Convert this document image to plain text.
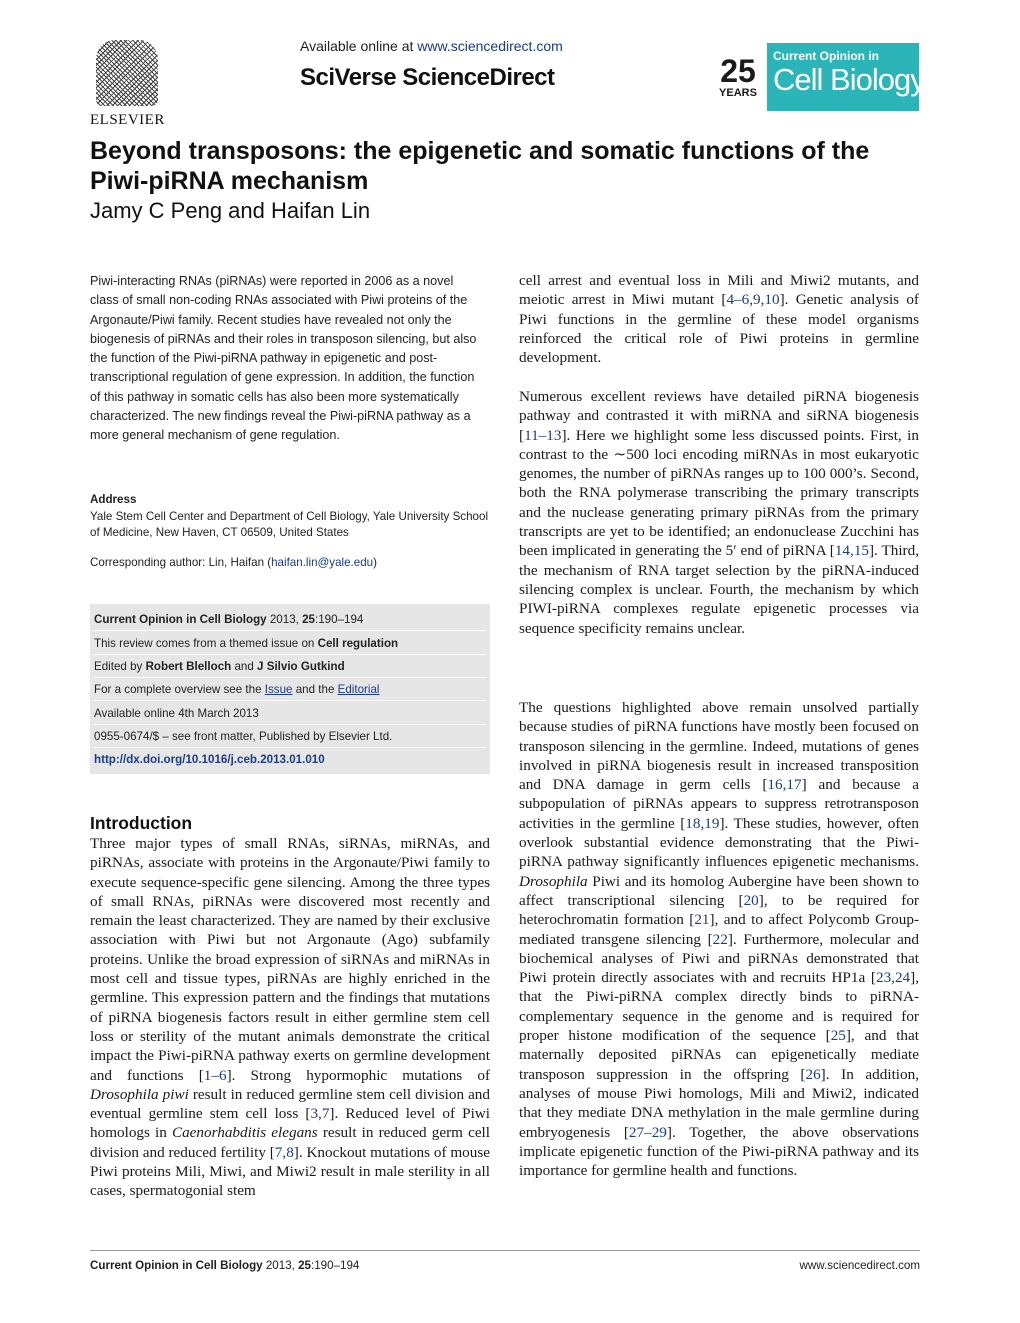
ELSEVIER
Available online at www.sciencedirect.com
SciVerse ScienceDirect	25
YEARS
Current Opinion in
Cell Biology
Beyond transposons: the epigenetic and somatic functions of the Piwi-piRNA mechanism
Jamy C Peng and Haifan Lin

Piwi-interacting RNAs (piRNAs) were reported in 2006 as a novel class of small non-coding RNAs associated with Piwi proteins of the Argonaute/Piwi family. Recent studies have revealed not only the biogenesis of piRNAs and their roles in transposon silencing, but also the function of the Piwi-piRNA pathway in epigenetic and post-transcriptional regulation of gene expression. In addition, the function of this pathway in somatic cells has also been more systematically characterized. The new findings reveal the Piwi-piRNA pathway as a more general mechanism of gene regulation.

Address
Yale Stem Cell Center and Department of Cell Biology, Yale University School of Medicine, New Haven, CT 06509, United States
Corresponding author: Lin, Haifan (haifan.lin@yale.edu)
Current Opinion in Cell Biology 2013, 25:190–194
This review comes from a themed issue on Cell regulation
Edited by Robert Blelloch and J Silvio Gutkind
For a complete overview see the Issue and the Editorial
Available online 4th March 2013
0955-0674/$ – see front matter, Published by Elsevier Ltd.
http://dx.doi.org/10.1016/j.ceb.2013.01.010
Introduction

Three major types of small RNAs, siRNAs, miRNAs, and piRNAs, associate with proteins in the Argonaute/Piwi family to execute sequence-specific gene silencing. Among the three types of small RNAs, piRNAs were discovered most recently and remain the least characterized. They are named by their exclusive association with Piwi but not Argonaute (Ago) subfamily proteins. Unlike the broad expression of siRNAs and miRNAs in most cell and tissue types, piRNAs are highly enriched in the germline. This expression pattern and the findings that mutations of piRNA biogenesis factors result in either germline stem cell loss or sterility of the mutant animals demonstrate the critical impact the Piwi-piRNA pathway exerts on germline development and functions [1–6]. Strong hypormophic mutations of Drosophila piwi result in reduced germline stem cell division and eventual germline stem cell loss [3,7]. Reduced level of Piwi homologs in Caenorhabditis elegans result in reduced germ cell division and reduced fertility [7,8]. Knockout mutations of mouse Piwi proteins Mili, Miwi, and Miwi2 result in male sterility in all cases, spermatogonial stem

cell arrest and eventual loss in Mili and Miwi2 mutants, and meiotic arrest in Miwi mutant [4–6,9,10]. Genetic analysis of Piwi functions in the germline of these model organisms reinforced the critical role of Piwi proteins in germline development.

Numerous excellent reviews have detailed piRNA biogenesis pathway and contrasted it with miRNA and siRNA biogenesis [11–13]. Here we highlight some less discussed points. First, in contrast to the ∼500 loci encoding miRNAs in most eukaryotic genomes, the number of piRNAs ranges up to 100 000’s. Second, both the RNA polymerase transcribing the primary transcripts and the nuclease generating primary piRNAs from the primary transcripts are yet to be identified; an endonuclease Zucchini has been implicated in generating the 5′ end of piRNA [14,15]. Third, the mechanism of RNA target selection by the piRNA-induced silencing complex is unclear. Fourth, the mechanism by which PIWI-piRNA complexes regulate epigenetic processes via sequence specificity remains unclear.

The questions highlighted above remain unsolved partially because studies of piRNA functions have mostly been focused on transposon silencing in the germline. Indeed, mutations of genes involved in piRNA biogenesis result in increased transposition and DNA damage in germ cells [16,17] and because a subpopulation of piRNAs appears to suppress retrotransposon activities in the germline [18,19]. These studies, however, often overlook substantial evidence demonstrating that the Piwi-piRNA pathway significantly influences epigenetic mechanisms. Drosophila Piwi and its homolog Aubergine have been shown to affect transcriptional silencing [20], to be required for heterochromatin formation [21], and to affect Polycomb Group-mediated transgene silencing [22]. Furthermore, molecular and biochemical analyses of Piwi and piRNAs demonstrated that Piwi protein directly associates with and recruits HP1a [23,24], that the Piwi-piRNA complex directly binds to piRNA-complementary sequence in the genome and is required for proper histone modification of the sequence [25], and that maternally deposited piRNAs can epigenetically mediate transposon suppression in the offspring [26]. In addition, analyses of mouse Piwi homologs, Mili and Miwi2, indicated that they mediate DNA methylation in the male germline during embryogenesis [27–29]. Together, the above observations implicate epigenetic function of the Piwi-piRNA pathway and its importance for germline health and functions.

Current Opinion in Cell Biology 2013, 25:190–194	www.sciencedirect.com
